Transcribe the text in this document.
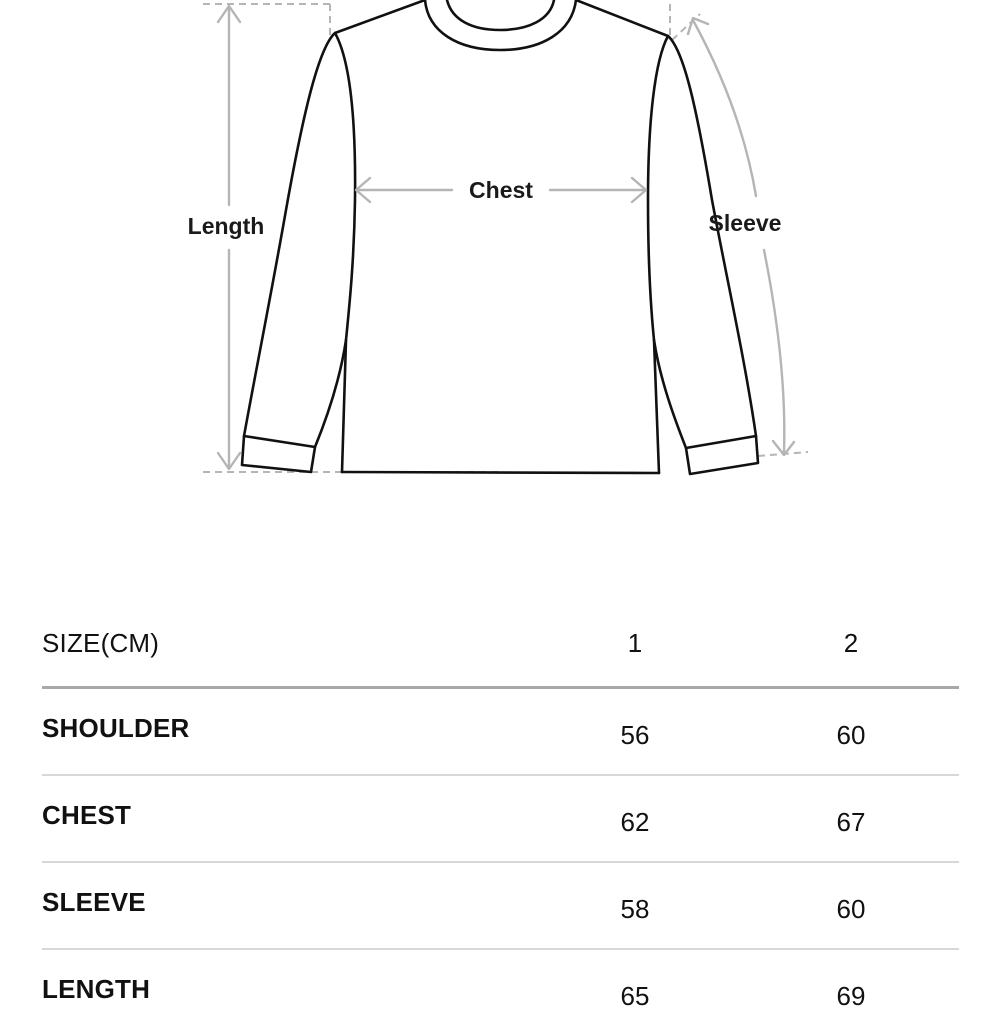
Length
Chest
Sleeve
SIZE(CM)	1	2
SHOULDER	56	60
CHEST	62	67
SLEEVE	58	60
LENGTH	65	69
